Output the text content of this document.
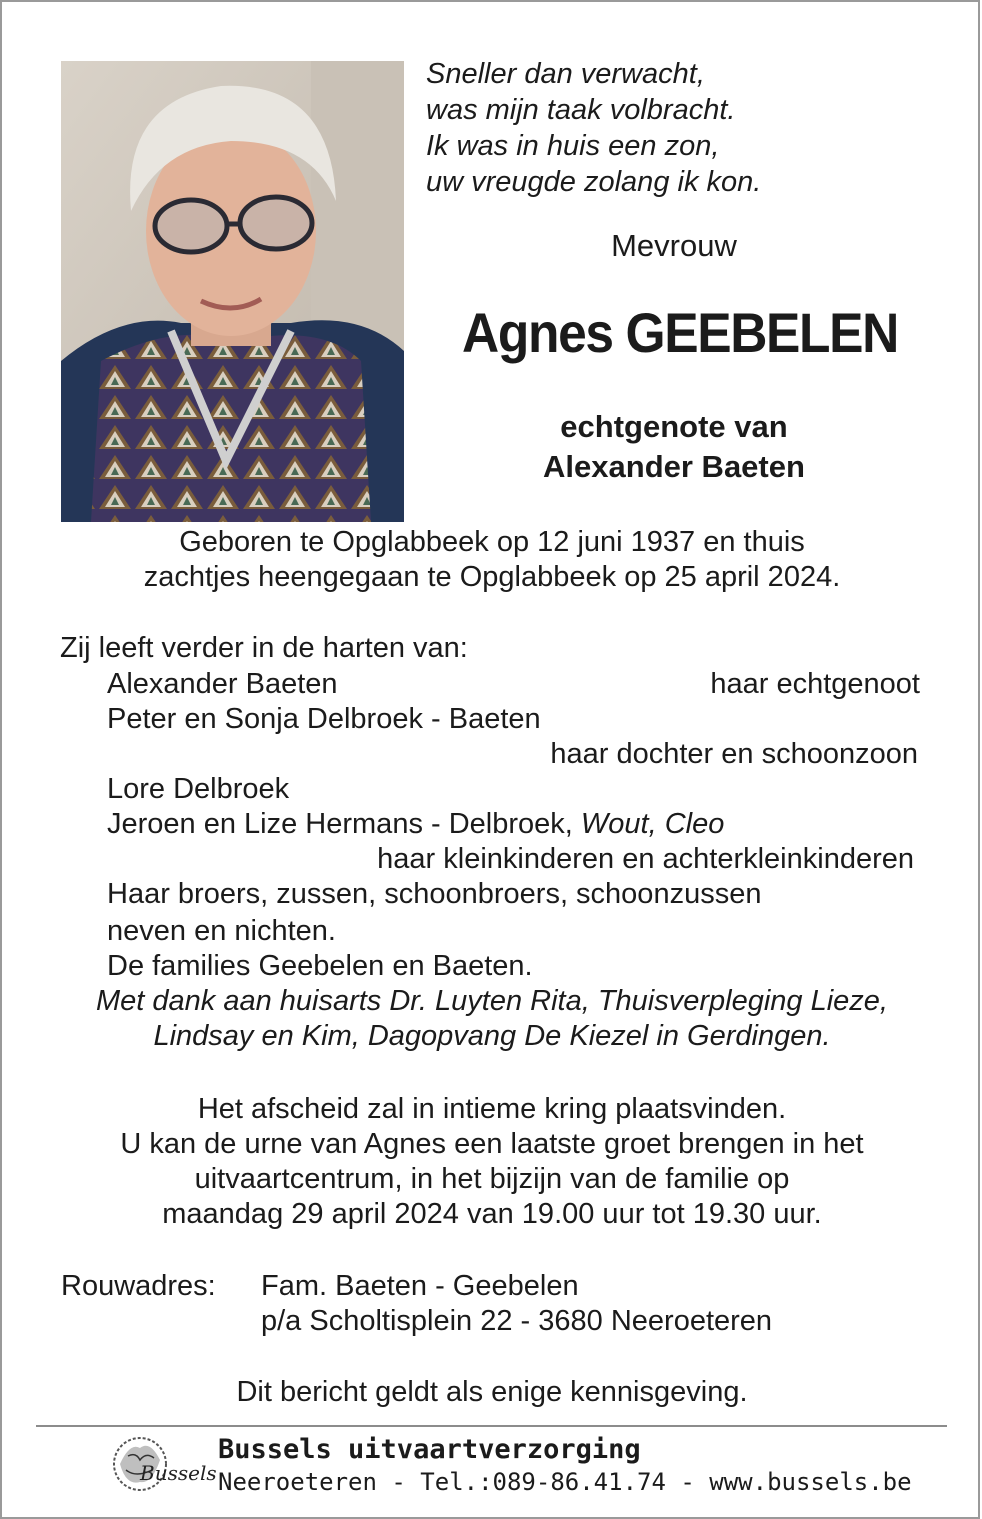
Sneller dan verwacht,
was mijn taak volbracht.
Ik was in huis een zon,
uw vreugde zolang ik kon.
Mevrouw
Agnes GEEBELEN
echtgenote van
Alexander Baeten
Geboren te Opglabbeek op 12 juni 1937 en thuis
zachtjes heengegaan te Opglabbeek op 25 april 2024.
Zij leeft verder in de harten van:
Alexander Baeten	haar echtgenoot
Peter en Sonja Delbroek - Baeten
haar dochter en schoonzoon
Lore Delbroek
Jeroen en Lize Hermans - Delbroek, Wout, Cleo
haar kleinkinderen en achterkleinkinderen
Haar broers, zussen, schoonbroers, schoonzussen
neven en nichten.
De families Geebelen en Baeten.
Met dank aan huisarts Dr. Luyten Rita, Thuisverpleging Lieze,
Lindsay en Kim, Dagopvang De Kiezel in Gerdingen.
Het afscheid zal in intieme kring plaatsvinden.
U kan de urne van Agnes een laatste groet brengen in het
uitvaartcentrum, in het bijzijn van de familie op
maandag 29 april 2024 van 19.00 uur tot 19.30 uur.
Rouwadres: Fam. Baeten - Geebelen
p/a Scholtisplein 22 - 3680 Neeroeteren
Dit bericht geldt als enige kennisgeving.
Bussels
Bussels uitvaartverzorging
Neeroeteren - Tel.:089-86.41.74 - www.bussels.be
